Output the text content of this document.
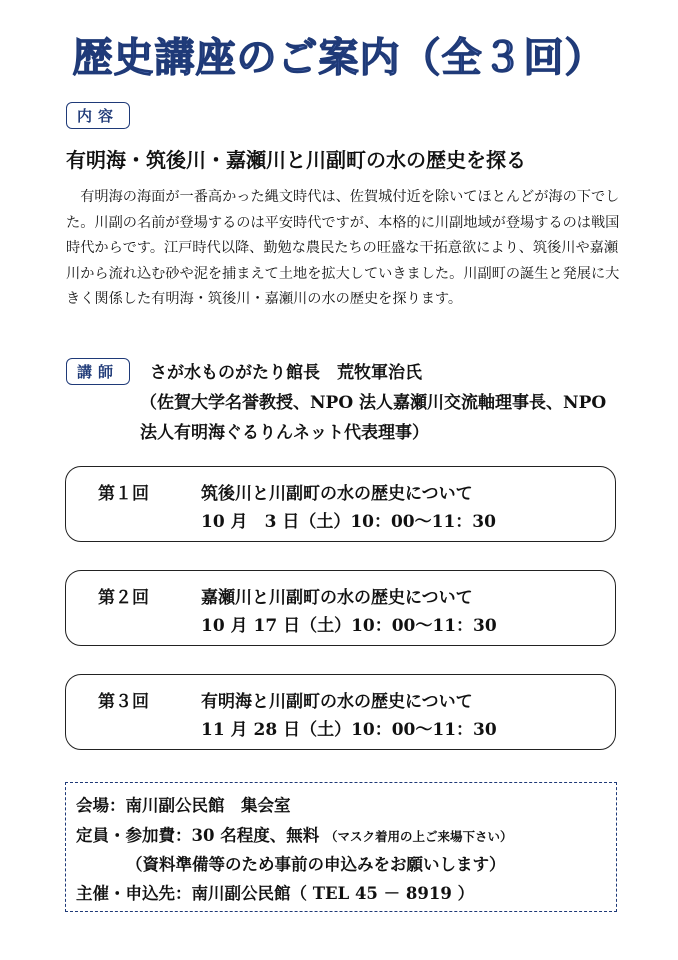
歴史講座のご案内（全３回）
内容
有明海・筑後川・嘉瀬川と川副町の水の歴史を探る

有明海の海面が一番高かった縄文時代は、佐賀城付近を除いてほとんどが海の下でした。川副の名前が登場するのは平安時代ですが、本格的に川副地域が登場するのは戦国時代からです。江戸時代以降、勤勉な農民たちの旺盛な干拓意欲により、筑後川や嘉瀬川から流れ込む砂や泥を捕まえて土地を拡大していきました。川副町の誕生と発展に大きく関係した有明海・筑後川・嘉瀬川の水の歴史を探ります。

講師	さが水ものがたり館長　荒牧軍治氏
（佐賀大学名誉教授、NPO 法人嘉瀬川交流軸理事長、NPO 法人有明海ぐるりんネット代表理事）
第１回	筑後川と川副町の水の歴史について
10 月　3 日（土）10：00～11：30
第２回	嘉瀬川と川副町の水の歴史について
10 月 17 日（土）10：00～11：30
第３回	有明海と川副町の水の歴史について
11 月 28 日（土）10：00～11：30
会場：南川副公民館　集会室
定員・参加費：30 名程度、無料 （マスク着用の上ご来場下さい）
（資料準備等のため事前の申込みをお願いします）
主催・申込先：南川副公民館（ TEL 45 － 8919 ）
